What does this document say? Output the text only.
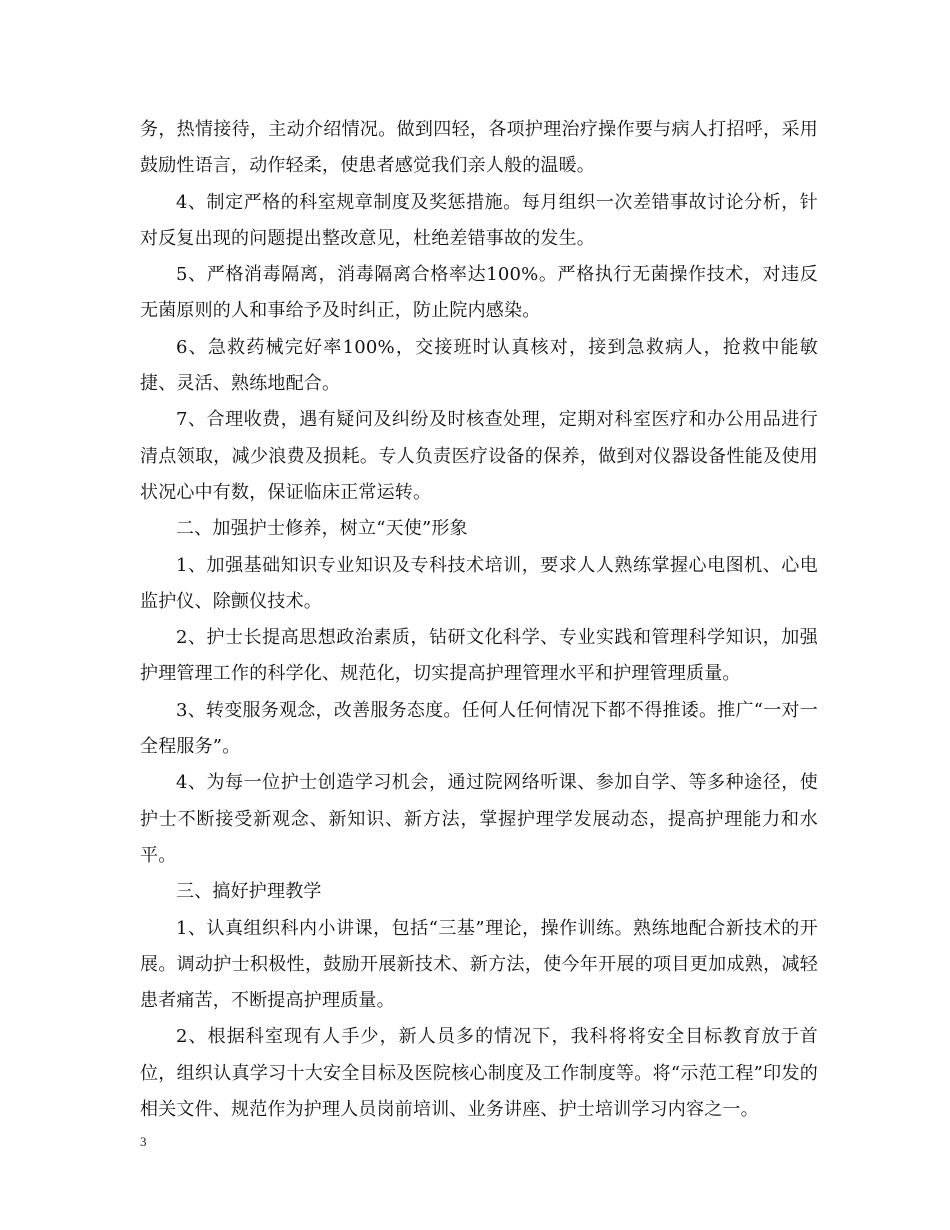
务，热情接待，主动介绍情况。做到四轻，各项护理治疗操作要与病人打招呼，采用鼓励性语言，动作轻柔，使患者感觉我们亲人般的温暖。

4、制定严格的科室规章制度及奖惩措施。每月组织一次差错事故讨论分析，针对反复出现的问题提出整改意见，杜绝差错事故的发生。

5、严格消毒隔离，消毒隔离合格率达100%。严格执行无菌操作技术，对违反无菌原则的人和事给予及时纠正，防止院内感染。

6、急救药械完好率100%，交接班时认真核对，接到急救病人，抢救中能敏捷、灵活、熟练地配合。

7、合理收费，遇有疑问及纠纷及时核查处理，定期对科室医疗和办公用品进行清点领取，减少浪费及损耗。专人负责医疗设备的保养，做到对仪器设备性能及使用状况心中有数，保证临床正常运转。

二、加强护士修养，树立“天使”形象

1、加强基础知识专业知识及专科技术培训，要求人人熟练掌握心电图机、心电监护仪、除颤仪技术。

2、护士长提高思想政治素质，钻研文化科学、专业实践和管理科学知识，加强护理管理工作的科学化、规范化，切实提高护理管理水平和护理管理质量。

3、转变服务观念，改善服务态度。任何人任何情况下都不得推诿。推广“一对一全程服务”。

4、为每一位护士创造学习机会，通过院网络听课、参加自学、等多种途径，使护士不断接受新观念、新知识、新方法，掌握护理学发展动态，提高护理能力和水平。

三、搞好护理教学

1、认真组织科内小讲课，包括“三基”理论，操作训练。熟练地配合新技术的开展。调动护士积极性，鼓励开展新技术、新方法，使今年开展的项目更加成熟，减轻患者痛苦，不断提高护理质量。

2、根据科室现有人手少，新人员多的情况下，我科将将安全目标教育放于首位，组织认真学习十大安全目标及医院核心制度及工作制度等。将“示范工程”印发的相关文件、规范作为护理人员岗前培训、业务讲座、护士培训学习内容之一。

3
